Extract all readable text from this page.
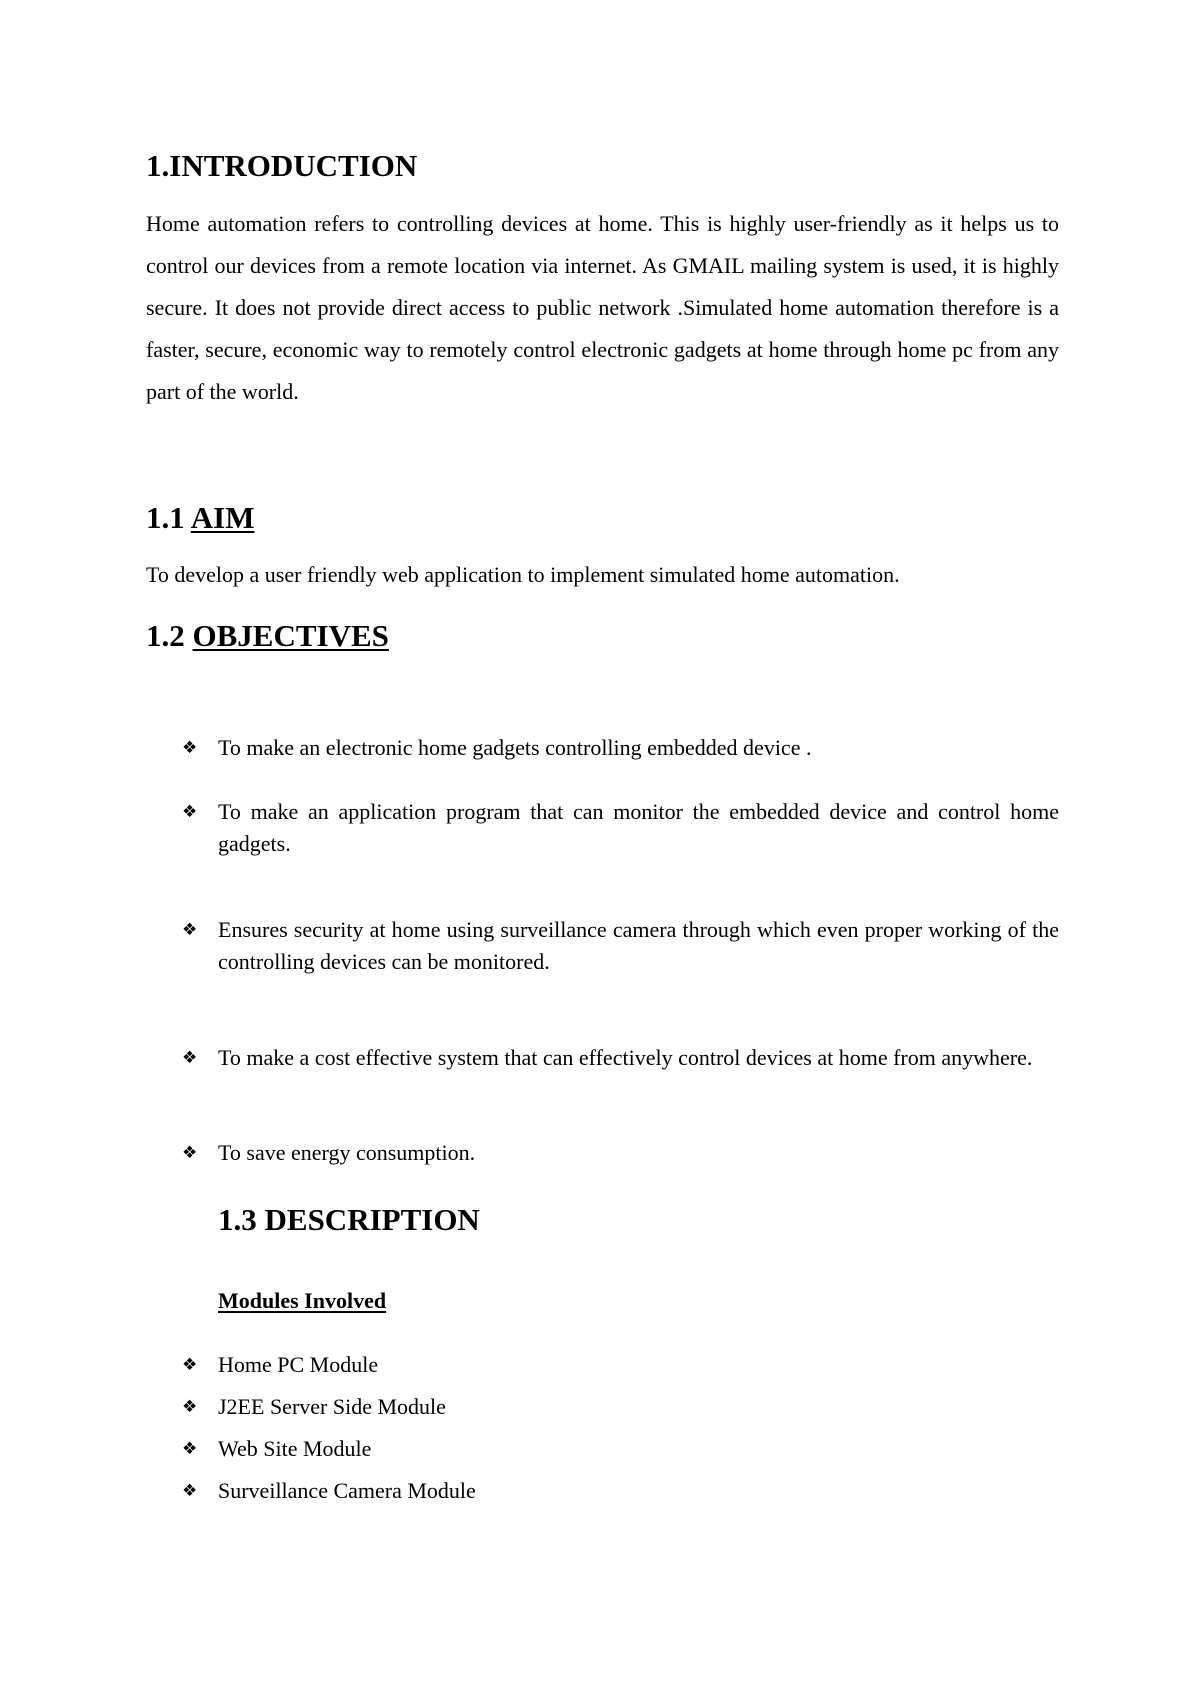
1.INTRODUCTION

Home automation refers to controlling devices at home. This is highly user-friendly as it helps us to control our devices from a remote location via internet. As GMAIL mailing system is used, it is highly secure. It does not provide direct access to public network .Simulated home automation therefore is a faster, secure, economic way to remotely control electronic gadgets at home through home pc from any part of the world.

1.1 AIM

To develop a user friendly web application to implement simulated home automation.

1.2 OBJECTIVES
❖ To make an electronic home gadgets controlling embedded device .
❖ To make an application program that can monitor the embedded device and control home gadgets.
❖ Ensures security at home using surveillance camera through which even proper working of the controlling devices can be monitored.
❖ To make a cost effective system that can effectively control devices at home from anywhere.
❖ To save energy consumption.
1.3 DESCRIPTION

Modules Involved

❖ Home PC Module
❖ J2EE Server Side Module
❖ Web Site Module
❖ Surveillance Camera Module
